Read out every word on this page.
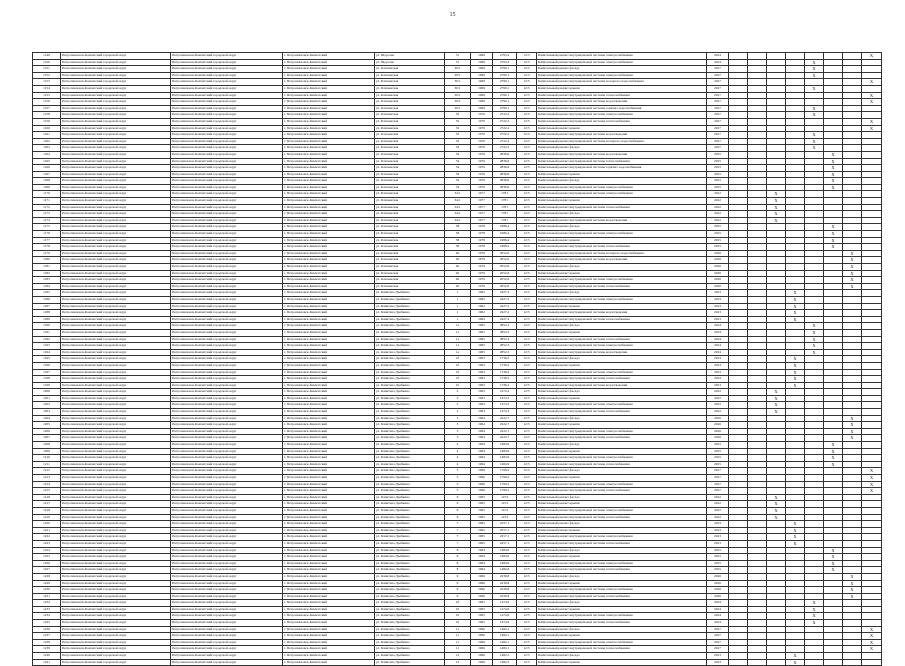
15
1149	Петропавловск-Камчатский городской округ	Петропавловск-Камчатский городской округ	г. Петропавловск-Камчатский	ул. Щорсова	31	1969	2793,4	12/5	Капитальный ремонт внутридомовой системы электроснабжения	2024								X
1150	Петропавловск-Камчатский городской округ	Петропавловск-Камчатский городской округ	г. Петропавловск-Камчатский	ул. Щорсова	31	1969	2793,4	12/5	Капитальный ремонт внутридомовой системы электроснабжения	2024					X			
1151	Петропавловск-Камчатский городской округ	Петропавловск-Камчатский городской округ	г. Петропавловск-Камчатский	ул. Ключевская	30/1	1969	2790,1	12/5	Капитальный ремонт фасада	2027					X			
1152	Петропавловск-Камчатский городской округ	Петропавловск-Камчатский городской округ	г. Петропавловск-Камчатский	ул. Ключевская	30/1	1969	2790,1	12/5	Капитальный ремонт внутридомовой системы электроснабжения	2027					X			
1153	Петропавловск-Камчатский городской округ	Петропавловск-Камчатский городской округ	г. Петропавловск-Камчатский	ул. Ключевская	30/1	1969	2790,1	12/5	Капитальный ремонт внутридомовой системы холодного водоснабжения	2027								X
1154	Петропавловск-Камчатский городской округ	Петропавловск-Камчатский городской округ	г. Петропавловск-Камчатский	ул. Ключевская	30/1	1969	2790,1	12/5	Капитальный ремонт крыши	2027					X			
1155	Петропавловск-Камчатский городской округ	Петропавловск-Камчатский городской округ	г. Петропавловск-Камчатский	ул. Ключевская	30/1	1969	2790,1	12/5	Капитальный ремонт внутридомовой системы теплоснабжения	2027								X
1156	Петропавловск-Камчатский городской округ	Петропавловск-Камчатский городской округ	г. Петропавловск-Камчатский	ул. Ключевская	30/1	1969	2790,1	12/5	Капитальный ремонт внутридомовой системы водоотведения	2027								X
1157	Петропавловск-Камчатский городской округ	Петропавловск-Камчатский городской округ	г. Петропавловск-Камчатский	ул. Ключевская	30/1	1969	2790,1	12/5	Капитальный ремонт внутридомовой системы горячего водоснабжения	2027					X			
1158	Петропавловск-Камчатский городской округ	Петропавловск-Камчатский городской округ	г. Петропавловск-Камчатский	ул. Ключевская	32	1970	2722,2	12/5	Капитальный ремонт внутридомовой системы электроснабжения	2027					X			
1159	Петропавловск-Камчатский городской округ	Петропавловск-Камчатский городской округ	г. Петропавловск-Камчатский	ул. Ключевская	32	1970	2722,2	12/5	Капитальный ремонт внутридомовой системы теплоснабжения	2027								X
1160	Петропавловск-Камчатский городской округ	Петропавловск-Камчатский городской округ	г. Петропавловск-Камчатский	ул. Ключевская	32	1970	2722,2	12/5	Капитальный ремонт крыши	2027								X
1161	Петропавловск-Камчатский городской округ	Петропавловск-Камчатский городской округ	г. Петропавловск-Камчатский	ул. Ключевская	32	1970	2722,2	12/5	Капитальный ремонт внутридомовой системы водоотведения	2027					X			
1162	Петропавловск-Камчатский городской округ	Петропавловск-Камчатский городской округ	г. Петропавловск-Камчатский	ул. Ключевская	32	1970	2722,2	12/5	Капитальный ремонт внутридомовой системы холодного водоснабжения	2027					X			
1163	Петропавловск-Камчатский городской округ	Петропавловск-Камчатский городской округ	г. Петропавловск-Камчатский	ул. Ключевская	32	1970	2722,2	12/5	Капитальный ремонт фасада	2027					X			
1164	Петропавловск-Камчатский городской округ	Петропавловск-Камчатский городской округ	г. Петропавловск-Камчатский	ул. Ключевская	34	1976	2836,6	12/5	Капитальный ремонт внутридомовой системы водоотведения	2025						X		
1165	Петропавловск-Камчатский городской округ	Петропавловск-Камчатский городской округ	г. Петропавловск-Камчатский	ул. Ключевская	34	1976	2836,6	12/5	Капитальный ремонт внутридомовой системы теплоснабжения	2025						X		
1166	Петропавловск-Камчатский городской округ	Петропавловск-Камчатский городской округ	г. Петропавловск-Камчатский	ул. Ключевская	34	1976	2836,6	12/5	Капитальный ремонт внутридомовой системы горячего водоснабжения	2025						X		
1167	Петропавловск-Камчатский городской округ	Петропавловск-Камчатский городской округ	г. Петропавловск-Камчатский	ул. Ключевская	34	1976	2836,6	12/5	Капитальный ремонт крыши	2025						X		
1168	Петропавловск-Камчатский городской округ	Петропавловск-Камчатский городской округ	г. Петропавловск-Камчатский	ул. Ключевская	34	1976	2836,6	12/5	Капитальный ремонт фасада	2025						X		
1169	Петропавловск-Камчатский городской округ	Петропавловск-Камчатский городской округ	г. Петропавловск-Камчатский	ул. Ключевская	34	1976	2836,6	12/5	Капитальный ремонт внутридомовой системы электроснабжения	2025						X		
1170	Петропавловск-Камчатский городской округ	Петропавловск-Камчатский городской округ	г. Петропавловск-Камчатский	ул. Ключевская	34/1	1977	1781	12/5	Капитальный ремонт внутридомовой системы электроснабжения	2022			X					
1171	Петропавловск-Камчатский городской округ	Петропавловск-Камчатский городской округ	г. Петропавловск-Камчатский	ул. Ключевская	34/1	1977	1781	12/5	Капитальный ремонт крыши	2022			X					
1172	Петропавловск-Камчатский городской округ	Петропавловск-Камчатский городской округ	г. Петропавловск-Камчатский	ул. Ключевская	34/1	1977	1781	12/5	Капитальный ремонт внутридомовой системы теплоснабжения	2022			X					
1173	Петропавловск-Камчатский городской округ	Петропавловск-Камчатский городской округ	г. Петропавловск-Камчатский	ул. Ключевская	34/1	1977	1781	12/5	Капитальный ремонт фасада	2022			X					
1174	Петропавловск-Камчатский городской округ	Петропавловск-Камчатский городской округ	г. Петропавловск-Камчатский	ул. Ключевская	34/1	1977	1781	12/5	Капитальный ремонт внутридомовой системы водоотведения	2022			X					
1175	Петропавловск-Камчатский городской округ	Петропавловск-Камчатский городской округ	г. Петропавловск-Камчатский	ул. Ключевская	38	1978	1986,4	12/5	Капитальный ремонт фасада	2025						X		
1176	Петропавловск-Камчатский городской округ	Петропавловск-Камчатский городской округ	г. Петропавловск-Камчатский	ул. Ключевская	38	1978	1986,4	12/5	Капитальный ремонт внутридомовой системы электроснабжения	2025						X		
1177	Петропавловск-Камчатский городской округ	Петропавловск-Камчатский городской округ	г. Петропавловск-Камчатский	ул. Ключевская	38	1978	1986,4	12/5	Капитальный ремонт крыши	2025						X		
1178	Петропавловск-Камчатский городской округ	Петропавловск-Камчатский городской округ	г. Петропавловск-Камчатский	ул. Ключевская	38	1978	1986,4	12/5	Капитальный ремонт внутридомовой системы теплоснабжения	2025						X		
1179	Петропавловск-Камчатский городской округ	Петропавловск-Камчатский городской округ	г. Петропавловск-Камчатский	ул. Ключевская	40	1979	2052,6	12/5	Капитальный ремонт внутридомовой системы холодного водоснабжения	2026							X	
1180	Петропавловск-Камчатский городской округ	Петропавловск-Камчатский городской округ	г. Петропавловск-Камчатский	ул. Ключевская	40	1979	2052,6	12/5	Капитальный ремонт внутридомовой системы водоотведения	2026							X	
1181	Петропавловск-Камчатский городской округ	Петропавловск-Камчатский городской округ	г. Петропавловск-Камчатский	ул. Ключевская	40	1979	2052,6	12/5	Капитальный ремонт фасада	2026							X	
1182	Петропавловск-Камчатский городской округ	Петропавловск-Камчатский городской округ	г. Петропавловск-Камчатский	ул. Ключевская	40	1979	2052,6	12/5	Капитальный ремонт крыши	2026							X	
1183	Петропавловск-Камчатский городской округ	Петропавловск-Камчатский городской округ	г. Петропавловск-Камчатский	ул. Ключевская	40	1979	2052,6	12/5	Капитальный ремонт внутридомовой системы электроснабжения	2026							X	
1184	Петропавловск-Камчатский городской округ	Петропавловск-Камчатский городской округ	г. Петропавловск-Камчатский	ул. Ключевская	40	1979	2052,6	12/5	Капитальный ремонт внутридомовой системы теплоснабжения	2026							X	
1185	Петропавловск-Камчатский городской округ	Петропавловск-Камчатский городской округ	г. Петропавловск-Камчатский	ул. Капитана Драбкина	1	1962	2427,2	12/5	Капитальный ремонт фасада	2023				X				
1186	Петропавловск-Камчатский городской округ	Петропавловск-Камчатский городской округ	г. Петропавловск-Камчатский	ул. Капитана Драбкина	1	1962	2427,2	12/5	Капитальный ремонт внутридомовой системы электроснабжения	2023				X				
1187	Петропавловск-Камчатский городской округ	Петропавловск-Камчатский городской округ	г. Петропавловск-Камчатский	ул. Капитана Драбкина	1	1962	2427,2	12/5	Капитальный ремонт крыши	2023				X				
1188	Петропавловск-Камчатский городской округ	Петропавловск-Камчатский городской округ	г. Петропавловск-Камчатский	ул. Капитана Драбкина	1	1962	2427,2	12/5	Капитальный ремонт внутридомовой системы водоотведения	2023				X				
1189	Петропавловск-Камчатский городской округ	Петропавловск-Камчатский городской округ	г. Петропавловск-Камчатский	ул. Капитана Драбкина	1	1962	2427,2	12/5	Капитальный ремонт внутридомовой системы теплоснабжения	2023				X				
1190	Петропавловск-Камчатский городской округ	Петропавловск-Камчатский городской округ	г. Петропавловск-Камчатский	ул. Капитана Драбкина	1а	1965	2852,3	12/5	Капитальный ремонт фасада	2024					X			
1191	Петропавловск-Камчатский городской округ	Петропавловск-Камчатский городской округ	г. Петропавловск-Камчатский	ул. Капитана Драбкина	1а	1965	2852,3	12/5	Капитальный ремонт крыши	2024					X			
1192	Петропавловск-Камчатский городской округ	Петропавловск-Камчатский городской округ	г. Петропавловск-Камчатский	ул. Капитана Драбкина	1а	1965	2852,3	12/5	Капитальный ремонт внутридомовой системы теплоснабжения	2024					X			
1193	Петропавловск-Камчатский городской округ	Петропавловск-Камчатский городской округ	г. Петропавловск-Камчатский	ул. Капитана Драбкина	1а	1965	2852,3	12/5	Капитальный ремонт внутридомовой системы электроснабжения	2024					X			
1194	Петропавловск-Камчатский городской округ	Петропавловск-Камчатский городской округ	г. Петропавловск-Камчатский	ул. Капитана Драбкина	1а	1965	2852,3	12/5	Капитальный ремонт внутридомовой системы водоотведения	2024					X			
1195	Петропавловск-Камчатский городской округ	Петропавловск-Камчатский городской округ	г. Петропавловск-Камчатский	ул. Капитана Драбкина	1б	1963	1736,2	12/5	Капитальный ремонт фасада	2023				X				
1196	Петропавловск-Камчатский городской округ	Петропавловск-Камчатский городской округ	г. Петропавловск-Камчатский	ул. Капитана Драбкина	1б	1963	1736,2	12/5	Капитальный ремонт крыши	2023				X				
1197	Петропавловск-Камчатский городской округ	Петропавловск-Камчатский городской округ	г. Петропавловск-Камчатский	ул. Капитана Драбкина	1б	1963	1736,2	12/5	Капитальный ремонт внутридомовой системы электроснабжения	2023				X				
1198	Петропавловск-Камчатский городской округ	Петропавловск-Камчатский городской округ	г. Петропавловск-Камчатский	ул. Капитана Драбкина	1б	1963	1736,2	12/5	Капитальный ремонт внутридомовой системы теплоснабжения	2023				X				
1199	Петропавловск-Камчатский городской округ	Петропавловск-Камчатский городской округ	г. Петропавловск-Камчатский	ул. Капитана Драбкина	1б	1963	1736,2	12/5	Капитальный ремонт внутридомовой системы водоотведения	2023				X				
1200	Петропавловск-Камчатский городской округ	Петропавловск-Камчатский городской округ	г. Петропавловск-Камчатский	ул. Капитана Драбкина	2	1963	1474,3	12/5	Капитальный ремонт фасада	2022			X					
1201	Петропавловск-Камчатский городской округ	Петропавловск-Камчатский городской округ	г. Петропавловск-Камчатский	ул. Капитана Драбкина	2	1963	1474,3	12/5	Капитальный ремонт крыши	2022			X					
1202	Петропавловск-Камчатский городской округ	Петропавловск-Камчатский городской округ	г. Петропавловск-Камчатский	ул. Капитана Драбкина	2	1963	1474,3	12/5	Капитальный ремонт внутридомовой системы электроснабжения	2022			X					
1203	Петропавловск-Камчатский городской округ	Петропавловск-Камчатский городской округ	г. Петропавловск-Камчатский	ул. Капитана Драбкина	2	1963	1474,3	12/5	Капитальный ремонт внутридомовой системы теплоснабжения	2022			X					
1204	Петропавловск-Камчатский городской округ	Петропавловск-Камчатский городской округ	г. Петропавловск-Камчатский	ул. Капитана Драбкина	3	1964	2222,7	12/5	Капитальный ремонт фасада	2026							X	
1205	Петропавловск-Камчатский городской округ	Петропавловск-Камчатский городской округ	г. Петропавловск-Камчатский	ул. Капитана Драбкина	3	1964	2222,7	12/5	Капитальный ремонт крыши	2026							X	
1206	Петропавловск-Камчатский городской округ	Петропавловск-Камчатский городской округ	г. Петропавловск-Камчатский	ул. Капитана Драбкина	3	1964	2222,7	12/5	Капитальный ремонт внутридомовой системы электроснабжения	2026							X	
1207	Петропавловск-Камчатский городской округ	Петропавловск-Камчатский городской округ	г. Петропавловск-Камчатский	ул. Капитана Драбкина	3	1964	2222,7	12/5	Капитальный ремонт внутридомовой системы теплоснабжения	2026							X	
1208	Петропавловск-Камчатский городской округ	Петропавловск-Камчатский городской округ	г. Петропавловск-Камчатский	ул. Капитана Драбкина	4	1964	1484,9	12/5	Капитальный ремонт фасада	2025						X		
1209	Петропавловск-Камчатский городской округ	Петропавловск-Камчатский городской округ	г. Петропавловск-Камчатский	ул. Капитана Драбкина	4	1964	1484,9	12/5	Капитальный ремонт крыши	2025						X		
1210	Петропавловск-Камчатский городской округ	Петропавловск-Камчатский городской округ	г. Петропавловск-Камчатский	ул. Капитана Драбкина	4	1964	1484,9	12/5	Капитальный ремонт внутридомовой системы электроснабжения	2025						X		
1211	Петропавловск-Камчатский городской округ	Петропавловск-Камчатский городской округ	г. Петропавловск-Камчатский	ул. Капитана Драбкина	4	1964	1484,9	12/5	Капитальный ремонт внутридомовой системы теплоснабжения	2025						X		
1212	Петропавловск-Камчатский городской округ	Петропавловск-Камчатский городской округ	г. Петропавловск-Камчатский	ул. Капитана Драбкина	5	1966	1799,2	12/5	Капитальный ремонт фасада	2027								X
1213	Петропавловск-Камчатский городской округ	Петропавловск-Камчатский городской округ	г. Петропавловск-Камчатский	ул. Капитана Драбкина	5	1966	1799,2	12/5	Капитальный ремонт крыши	2027								X
1214	Петропавловск-Камчатский городской округ	Петропавловск-Камчатский городской округ	г. Петропавловск-Камчатский	ул. Капитана Драбкина	5	1966	1799,2	12/5	Капитальный ремонт внутридомовой системы электроснабжения	2027								X
1215	Петропавловск-Камчатский городской округ	Петропавловск-Камчатский городской округ	г. Петропавловск-Камчатский	ул. Капитана Драбкина	5	1966	1799,2	12/5	Капитальный ремонт внутридомовой системы теплоснабжения	2027								X
1216	Петропавловск-Камчатский городской округ	Петропавловск-Камчатский городской округ	г. Петропавловск-Камчатский	ул. Капитана Драбкина	6	1965	1474	12/5	Капитальный ремонт фасада	2022			X					
1217	Петропавловск-Камчатский городской округ	Петропавловск-Камчатский городской округ	г. Петропавловск-Камчатский	ул. Капитана Драбкина	6	1965	1474	12/5	Капитальный ремонт крыши	2022			X					
1218	Петропавловск-Камчатский городской округ	Петропавловск-Камчатский городской округ	г. Петропавловск-Камчатский	ул. Капитана Драбкина	6	1965	1474	12/5	Капитальный ремонт внутридомовой системы электроснабжения	2022			X					
1219	Петропавловск-Камчатский городской округ	Петропавловск-Камчатский городской округ	г. Петропавловск-Камчатский	ул. Капитана Драбкина	6	1965	1474	12/5	Капитальный ремонт внутридомовой системы теплоснабжения	2022			X					
1220	Петропавловск-Камчатский городской округ	Петропавловск-Камчатский городской округ	г. Петропавловск-Камчатский	ул. Капитана Драбкина	7	1965	2257,1	12/5	Капитальный ремонт фасада	2023				X				
1221	Петропавловск-Камчатский городской округ	Петропавловск-Камчатский городской округ	г. Петропавловск-Камчатский	ул. Капитана Драбкина	7	1965	2257,1	12/5	Капитальный ремонт крыши	2023				X				
1222	Петропавловск-Камчатский городской округ	Петропавловск-Камчатский городской округ	г. Петропавловск-Камчатский	ул. Капитана Драбкина	7	1965	2257,1	12/5	Капитальный ремонт внутридомовой системы электроснабжения	2023				X				
1223	Петропавловск-Камчатский городской округ	Петропавловск-Камчатский городской округ	г. Петропавловск-Камчатский	ул. Капитана Драбкина	7	1965	2257,1	12/5	Капитальный ремонт внутридомовой системы теплоснабжения	2023				X				
1224	Петропавловск-Камчатский городской округ	Петропавловск-Камчатский городской округ	г. Петропавловск-Камчатский	ул. Капитана Драбкина	8	1964	1484,6	12/5	Капитальный ремонт фасада	2025						X		
1225	Петропавловск-Камчатский городской округ	Петропавловск-Камчатский городской округ	г. Петропавловск-Камчатский	ул. Капитана Драбкина	8	1964	1484,6	12/5	Капитальный ремонт крыши	2025						X		
1226	Петропавловск-Камчатский городской округ	Петропавловск-Камчатский городской округ	г. Петропавловск-Камчатский	ул. Капитана Драбкина	8	1964	1484,6	12/5	Капитальный ремонт внутридомовой системы электроснабжения	2025						X		
1227	Петропавловск-Камчатский городской округ	Петропавловск-Камчатский городской округ	г. Петропавловск-Камчатский	ул. Капитана Драбкина	8	1964	1484,6	12/5	Капитальный ремонт внутридомовой системы теплоснабжения	2025						X		
1228	Петропавловск-Камчатский городской округ	Петропавловск-Камчатский городской округ	г. Петропавловск-Камчатский	ул. Капитана Драбкина	9	1966	2230,8	12/5	Капитальный ремонт фасада	2026							X	
1229	Петропавловск-Камчатский городской округ	Петропавловск-Камчатский городской округ	г. Петропавловск-Камчатский	ул. Капитана Драбкина	9	1966	2230,8	12/5	Капитальный ремонт крыши	2026							X	
1230	Петропавловск-Камчатский городской округ	Петропавловск-Камчатский городской округ	г. Петропавловск-Камчатский	ул. Капитана Драбкина	9	1966	2230,8	12/5	Капитальный ремонт внутридомовой системы электроснабжения	2026							X	
1231	Петропавловск-Камчатский городской округ	Петропавловск-Камчатский городской округ	г. Петропавловск-Камчатский	ул. Капитана Драбкина	9	1966	2230,8	12/5	Капитальный ремонт внутридомовой системы теплоснабжения	2026							X	
1232	Петропавловск-Камчатский городской округ	Петропавловск-Камчатский городской округ	г. Петропавловск-Камчатский	ул. Капитана Драбкина	10	1965	1474,9	12/5	Капитальный ремонт фасада	2024					X			
1233	Петропавловск-Камчатский городской округ	Петропавловск-Камчатский городской округ	г. Петропавловск-Камчатский	ул. Капитана Драбкина	10	1965	1474,9	12/5	Капитальный ремонт крыши	2024					X			
1234	Петропавловск-Камчатский городской округ	Петропавловск-Камчатский городской округ	г. Петропавловск-Камчатский	ул. Капитана Драбкина	10	1965	1474,9	12/5	Капитальный ремонт внутридомовой системы электроснабжения	2024					X			
1235	Петропавловск-Камчатский городской округ	Петропавловск-Камчатский городской округ	г. Петропавловск-Камчатский	ул. Капитана Драбкина	10	1965	1474,9	12/5	Капитальный ремонт внутридомовой системы теплоснабжения	2024					X			
1236	Петропавловск-Камчатский городской округ	Петропавловск-Камчатский городской округ	г. Петропавловск-Камчатский	ул. Капитана Драбкина	11	1966	1484,1	12/5	Капитальный ремонт фасада	2027								X
1237	Петропавловск-Камчатский городской округ	Петропавловск-Камчатский городской округ	г. Петропавловск-Камчатский	ул. Капитана Драбкина	11	1966	1484,1	12/5	Капитальный ремонт крыши	2027								X
1238	Петропавловск-Камчатский городской округ	Петропавловск-Камчатский городской округ	г. Петропавловск-Камчатский	ул. Капитана Драбкина	11	1966	1484,1	12/5	Капитальный ремонт внутридомовой системы электроснабжения	2027								X
1239	Петропавловск-Камчатский городской округ	Петропавловск-Камчатский городской округ	г. Петропавловск-Камчатский	ул. Капитана Драбкина	11	1966	1484,1	12/5	Капитальный ремонт внутридомовой системы теплоснабжения	2027								X
1240	Петропавловск-Камчатский городской округ	Петропавловск-Камчатский городской округ	г. Петропавловск-Камчатский	ул. Капитана Драбкина	12	1966	1482,5	12/5	Капитальный ремонт фасада	2023				X				
1241	Петропавловск-Камчатский городской округ	Петропавловск-Камчатский городской округ	г. Петропавловск-Камчатский	ул. Капитана Драбкина	12	1966	1482,5	12/5	Капитальный ремонт крыши	2023				X				
